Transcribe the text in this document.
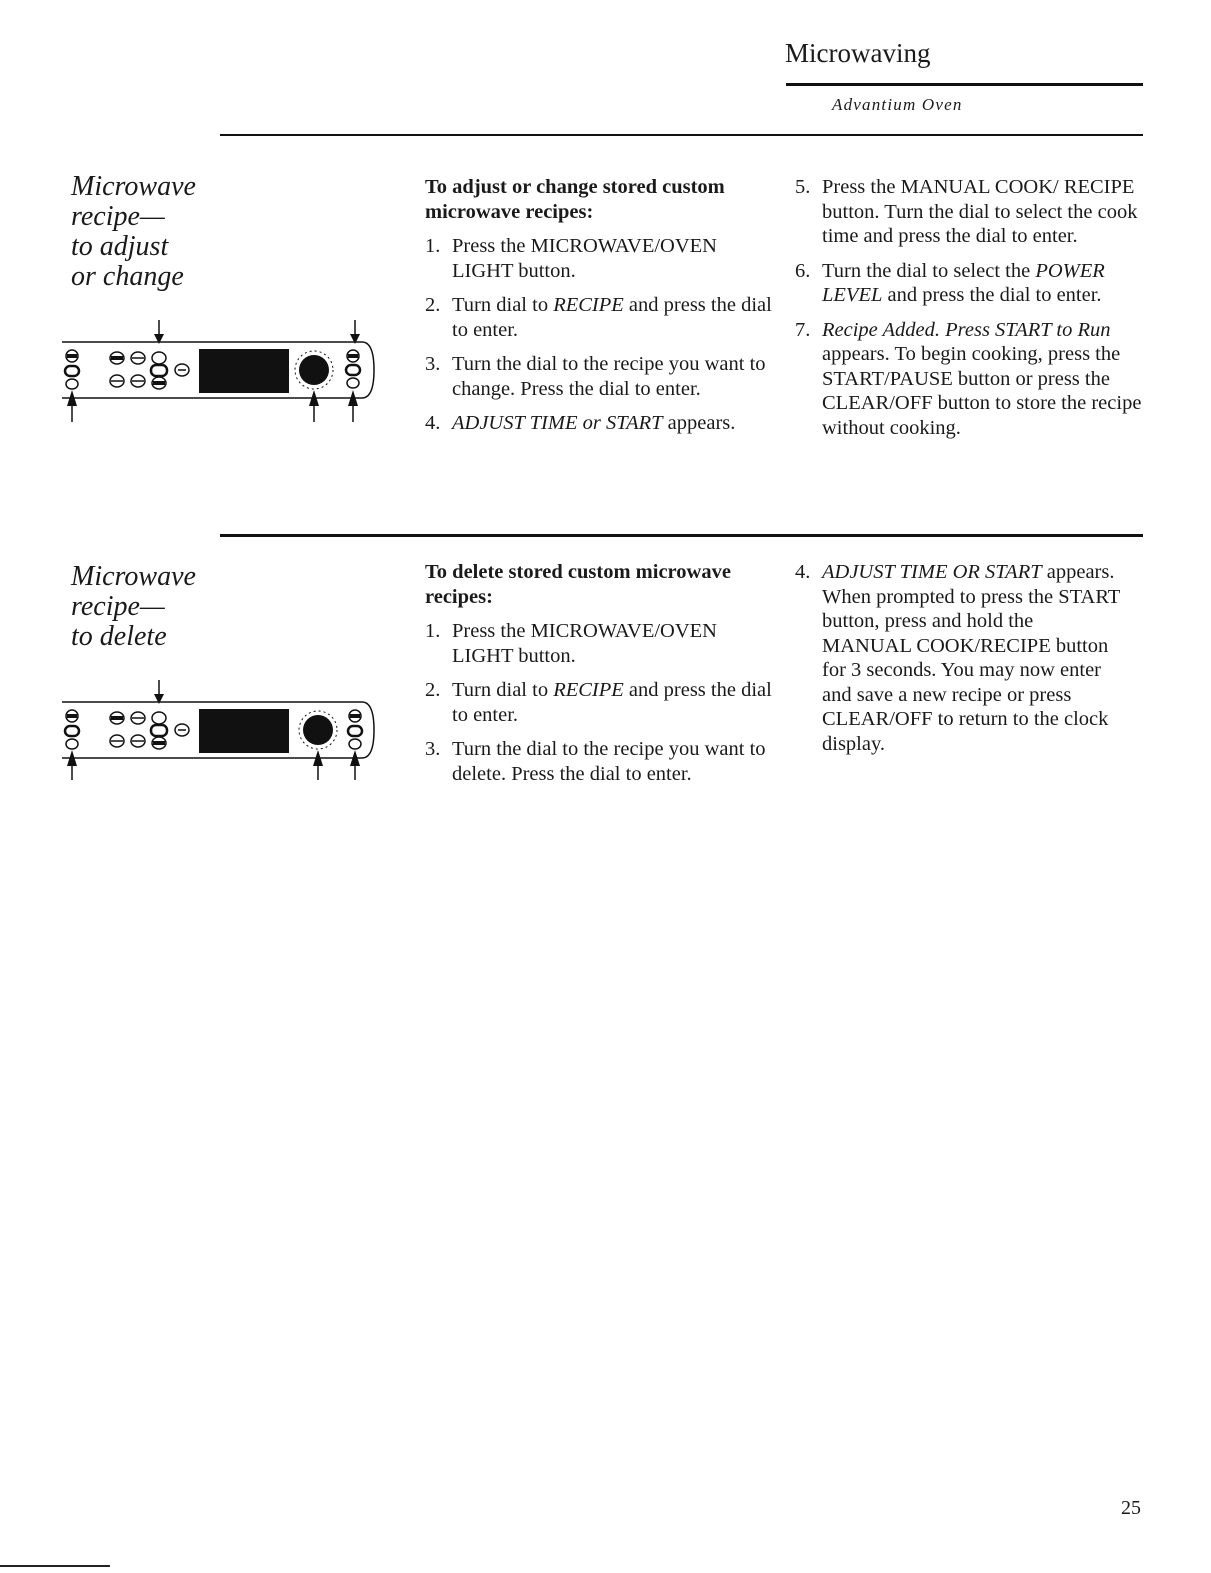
Microwaving
Advantium Oven
Microwave
recipe—
to adjust
or change
To adjust or change stored custom microwave recipes:
1. Press the MICROWAVE/OVEN LIGHT button.
2. Turn dial to RECIPE and press the dial to enter.
3. Turn the dial to the recipe you want to change. Press the dial to enter.
4. ADJUST TIME or START appears.
5. Press the MANUAL COOK/ RECIPE button. Turn the dial to select the cook time and press the dial to enter.
6. Turn the dial to select the POWER LEVEL and press the dial to enter.
7. Recipe Added. Press START to Run appears. To begin cooking, press the START/PAUSE button or press the CLEAR/OFF button to store the recipe without cooking.
Microwave
recipe—
to delete
To delete stored custom microwave recipes:
1. Press the MICROWAVE/OVEN LIGHT button.
2. Turn dial to RECIPE and press the dial to enter.
3. Turn the dial to the recipe you want to delete. Press the dial to enter.
4. ADJUST TIME OR START appears. When prompted to press the START button, press and hold the MANUAL COOK/RECIPE button for 3 seconds. You may now enter and save a new recipe or press CLEAR/OFF to return to the clock display.
25
